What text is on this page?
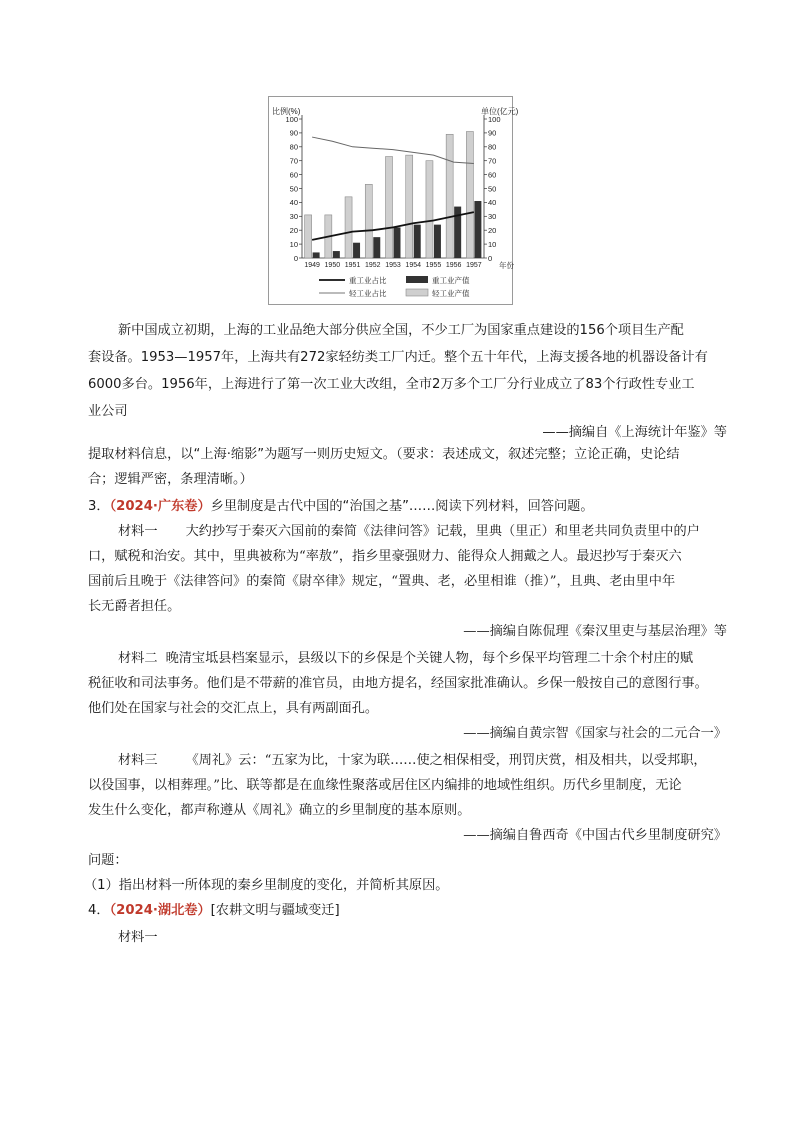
比例(%)	单位(亿元)
0
10
20
30
40
50
60
70
80
90
100
0
10
20
30
40
50
60
70
80
90
100
1949 1950 1951 1952 1953 1954 1955 1956 1957 年份
重工业占比	重工业产值
轻工业占比	轻工业产值
新中国成立初期，上海的工业品绝大部分供应全国，不少工厂为国家重点建设的156个项目生产配
套设备。1953—1957年，上海共有272家轻纺类工厂内迁。整个五十年代，上海支援各地的机器设备计有
6000多台。1956年，上海进行了第一次工业大改组，全市2万多个工厂分行业成立了83个行政性专业工
业公司
——摘编自《上海统计年鉴》等
提取材料信息，以“上海·缩影”为题写一则历史短文。（要求：表述成文，叙述完整；立论正确，史论结
合；逻辑严密，条理清晰。）
3．（2024·广东卷）乡里制度是古代中国的“治国之基”……阅读下列材料，回答问题。
材料一 大约抄写于秦灭六国前的秦简《法律问答》记载，里典（里正）和里老共同负责里中的户
口，赋税和治安。其中，里典被称为“率敖”，指乡里豪强财力、能得众人拥戴之人。最迟抄写于秦灭六
国前后且晚于《法律答问》的秦简《尉卒律》规定，“置典、老，必里相谁（推）”，且典、老由里中年
长无爵者担任。
——摘编自陈侃理《秦汉里吏与基层治理》等
材料二 晚清宝坻县档案显示，县级以下的乡保是个关键人物，每个乡保平均管理二十余个村庄的赋
税征收和司法事务。他们是不带薪的准官员，由地方提名，经国家批准确认。乡保一般按自己的意图行事。
他们处在国家与社会的交汇点上，具有两副面孔。
——摘编自黄宗智《国家与社会的二元合一》
材料三 《周礼》云：“五家为比，十家为联……使之相保相受，刑罚庆赏，相及相共，以受邦职，
以役国事，以相葬理。”比、联等都是在血缘性聚落或居住区内编排的地域性组织。历代乡里制度，无论
发生什么变化，都声称遵从《周礼》确立的乡里制度的基本原则。
——摘编自鲁西奇《中国古代乡里制度研究》
问题：
（1）指出材料一所体现的秦乡里制度的变化，并简析其原因。
4．（2024·湖北卷）[农耕文明与疆域变迁]
材料一
